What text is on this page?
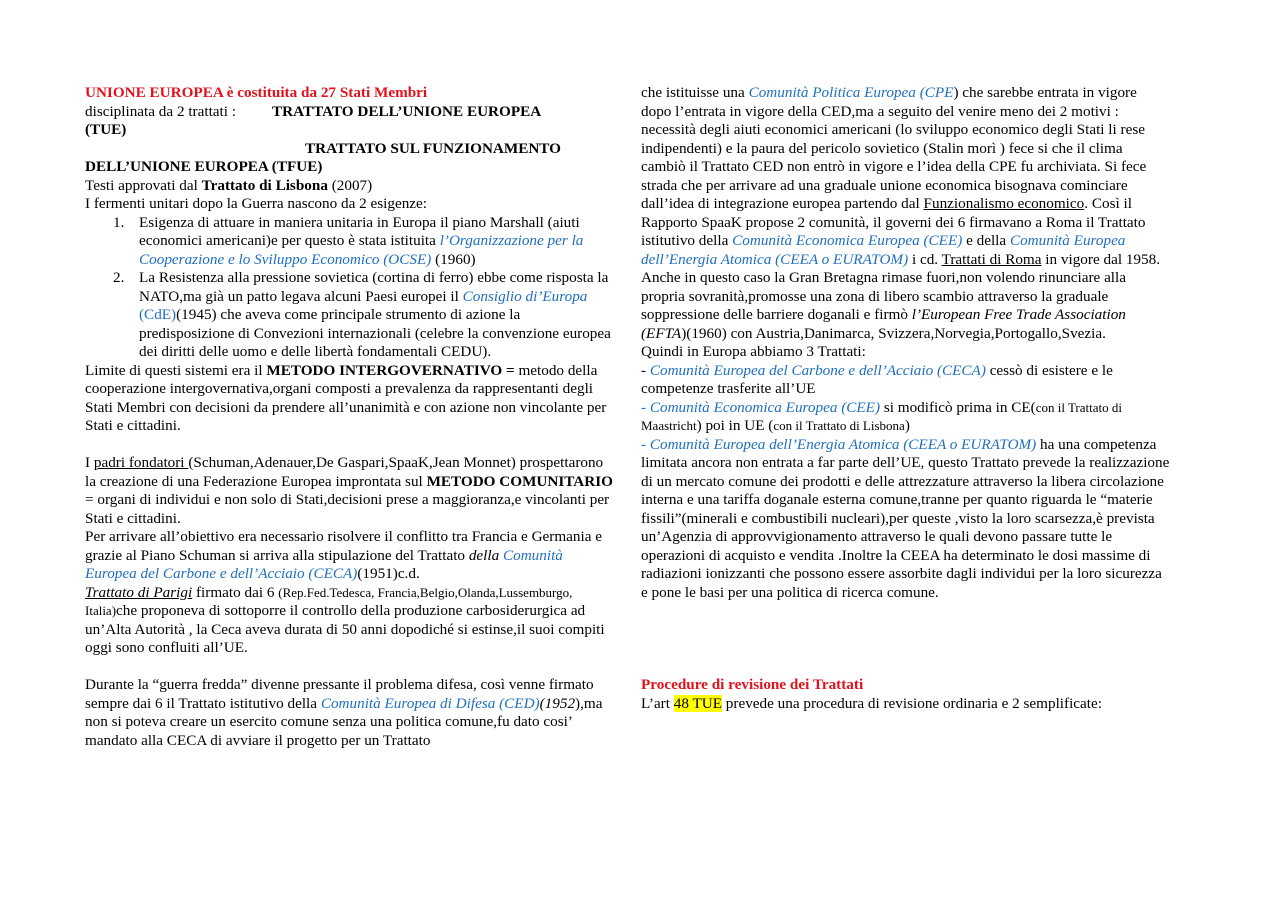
UNIONE EUROPEA è costituita da 27 Stati Membri

disciplinata da 2 trattati : TRATTATO DELL’UNIONE EUROPEA
(TUE)

TRATTATO SUL FUNZIONAMENTO

DELL’UNIONE EUROPEA (TFUE)

Testi approvati dal Trattato di Lisbona (2007)

I fermenti unitari dopo la Guerra nascono da 2 esigenze:

1. Esigenza di attuare in maniera unitaria in Europa il piano Marshall (aiuti economici americani)e per questo è stata istituita l’Organizzazione per la Cooperazione e lo Sviluppo Economico (OCSE) (1960)
2. La Resistenza alla pressione sovietica (cortina di ferro) ebbe come risposta la NATO,ma già un patto legava alcuni Paesi europei il Consiglio di’Europa (CdE)(1945) che aveva come principale strumento di azione la predisposizione di Convezioni internazionali (celebre la convenzione europea dei diritti delle uomo e delle libertà fondamentali CEDU).

Limite di questi sistemi era il METODO INTERGOVERNATIVO = metodo della cooperazione intergovernativa,organi composti a prevalenza da rappresentanti degli Stati Membri con decisioni da prendere all’unanimità e con azione non vincolante per Stati e cittadini.

I padri fondatori (Schuman,Adenauer,De Gaspari,SpaaK,Jean Monnet) prospettarono la creazione di una Federazione Europea improntata sul METODO COMUNITARIO = organi di individui e non solo di Stati,decisioni prese a maggioranza,e vincolanti per Stati e cittadini.

Per arrivare all’obiettivo era necessario risolvere il conflitto tra Francia e Germania e grazie al Piano Schuman si arriva alla stipulazione del Trattato della Comunità Europea del Carbone e dell’Acciaio (CECA)(1951)c.d.
Trattato di Parigi firmato dai 6 (Rep.Fed.Tedesca, Francia,Belgio,Olanda,Lussemburgo, Italia)che proponeva di sottoporre il controllo della produzione carbosiderurgica ad un’Alta Autorità , la Ceca aveva durata di 50 anni dopodiché si estinse,il suoi compiti oggi sono confluiti all’UE.

Durante la “guerra fredda” divenne pressante il problema difesa, così venne firmato sempre dai 6 il Trattato istitutivo della Comunità Europea di Difesa (CED)(1952),ma non si poteva creare un esercito comune senza una politica comune,fu dato cosi’ mandato alla CECA di avviare il progetto per un Trattato

che istituisse una Comunità Politica Europea (CPE) che sarebbe entrata in vigore dopo l’entrata in vigore della CED,ma a seguito del venire meno dei 2 motivi : necessità degli aiuti economici americani (lo sviluppo economico degli Stati li rese indipendenti) e la paura del pericolo sovietico (Stalin morì ) fece si che il clima cambiò il Trattato CED non entrò in vigore e l’idea della CPE fu archiviata. Si fece strada che per arrivare ad una graduale unione economica bisognava cominciare dall’idea di integrazione europea partendo dal Funzionalismo economico. Così il Rapporto SpaaK propose 2 comunità, il governi dei 6 firmavano a Roma il Trattato istitutivo della Comunità Economica Europea (CEE) e della Comunità Europea dell’Energia Atomica (CEEA o EURATOM) i cd. Trattati di Roma in vigore dal 1958. Anche in questo caso la Gran Bretagna rimase fuori,non volendo rinunciare alla propria sovranità,promosse una zona di libero scambio attraverso la graduale soppressione delle barriere doganali e firmò l’European Free Trade Association (EFTA)(1960) con Austria,Danimarca, Svizzera,Norvegia,Portogallo,Svezia.

Quindi in Europa abbiamo 3 Trattati:

- Comunità Europea del Carbone e dell’Acciaio (CECA) cessò di esistere e le competenze trasferite all’UE

- Comunità Economica Europea (CEE) si modificò prima in CE(con il Trattato di Maastricht) poi in UE (con il Trattato di Lisbona)

- Comunità Europea dell’Energia Atomica (CEEA o EURATOM) ha una competenza limitata ancora non entrata a far parte dell’UE, questo Trattato prevede la realizzazione di un mercato comune dei prodotti e delle attrezzature attraverso la libera circolazione interna e una tariffa doganale esterna comune,tranne per quanto riguarda le “materie fissili”(minerali e combustibili nucleari),per queste ,visto la loro scarsezza,è prevista un’Agenzia di approvvigionamento attraverso le quali devono passare tutte le operazioni di acquisto e vendita .Inoltre la CEEA ha determinato le dosi massime di radiazioni ionizzanti che possono essere assorbite dagli individui per la loro sicurezza e pone le basi per una politica di ricerca comune.

Procedure di revisione dei Trattati

L’art 48 TUE prevede una procedura di revisione ordinaria e 2 semplificate:
